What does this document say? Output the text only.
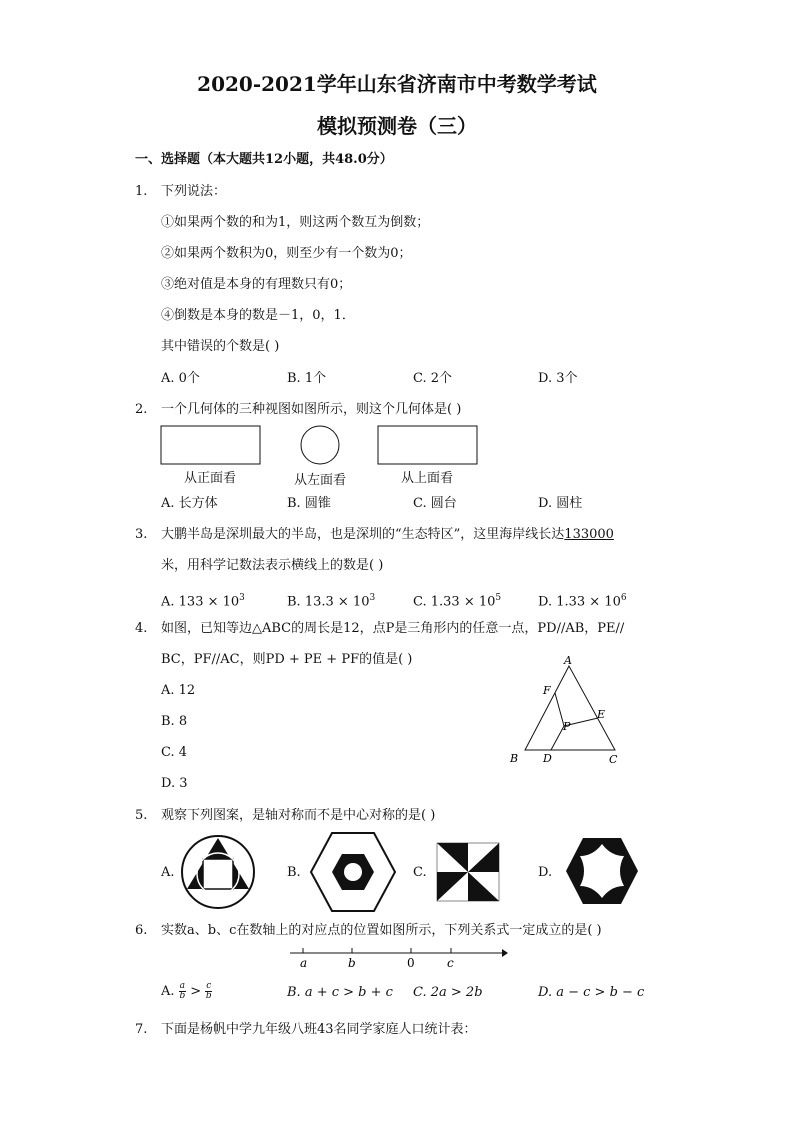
2020-2021学年山东省济南市中考数学考试
模拟预测卷（三）
一、选择题（本大题共12小题，共48.0分）
1. 下列说法：
①如果两个数的和为1，则这两个数互为倒数；
②如果两个数积为0，则至少有一个数为0；
③绝对值是本身的有理数只有0；
④倒数是本身的数是－1，0，1．
其中错误的个数是( )
A. 0个	B. 1个	C. 2个	D. 3个
2. 一个几何体的三种视图如图所示，则这个几何体是( )
从正面看	从左面看	从上面看
A. 长方体	B. 圆锥	C. 圆台	D. 圆柱
3. 大鹏半岛是深圳最大的半岛，也是深圳的“生态特区”，这里海岸线长达133000
米，用科学记数法表示横线上的数是( )
A. $133 \times 10^3$	B. $13.3 \times 10^3$	C. $1.33 \times 10^5$	D. $1.33 \times 10^6$
4. 如图，已知等边△ABC的周长是12，点P是三角形内的任意一点，PD//AB，PE//
BC，PF//AC，则PD + PE + PF的值是( )
A. 12
B. 8
C. 4
D. 3
A
B	C
D
E
F
P
5. 观察下列图案，是轴对称而不是中心对称的是( )
A.	B.	C.	D.
6. 实数a、b、c在数轴上的对应点的位置如图所示，下列关系式一定成立的是( )
a	b	0	c
A. $\frac{a}{b} > \frac{c}{b}$	B. a + c > b + c C. 2a > 2b	D. a − c > b − c
7. 下面是杨帆中学九年级八班43名同学家庭人口统计表：
